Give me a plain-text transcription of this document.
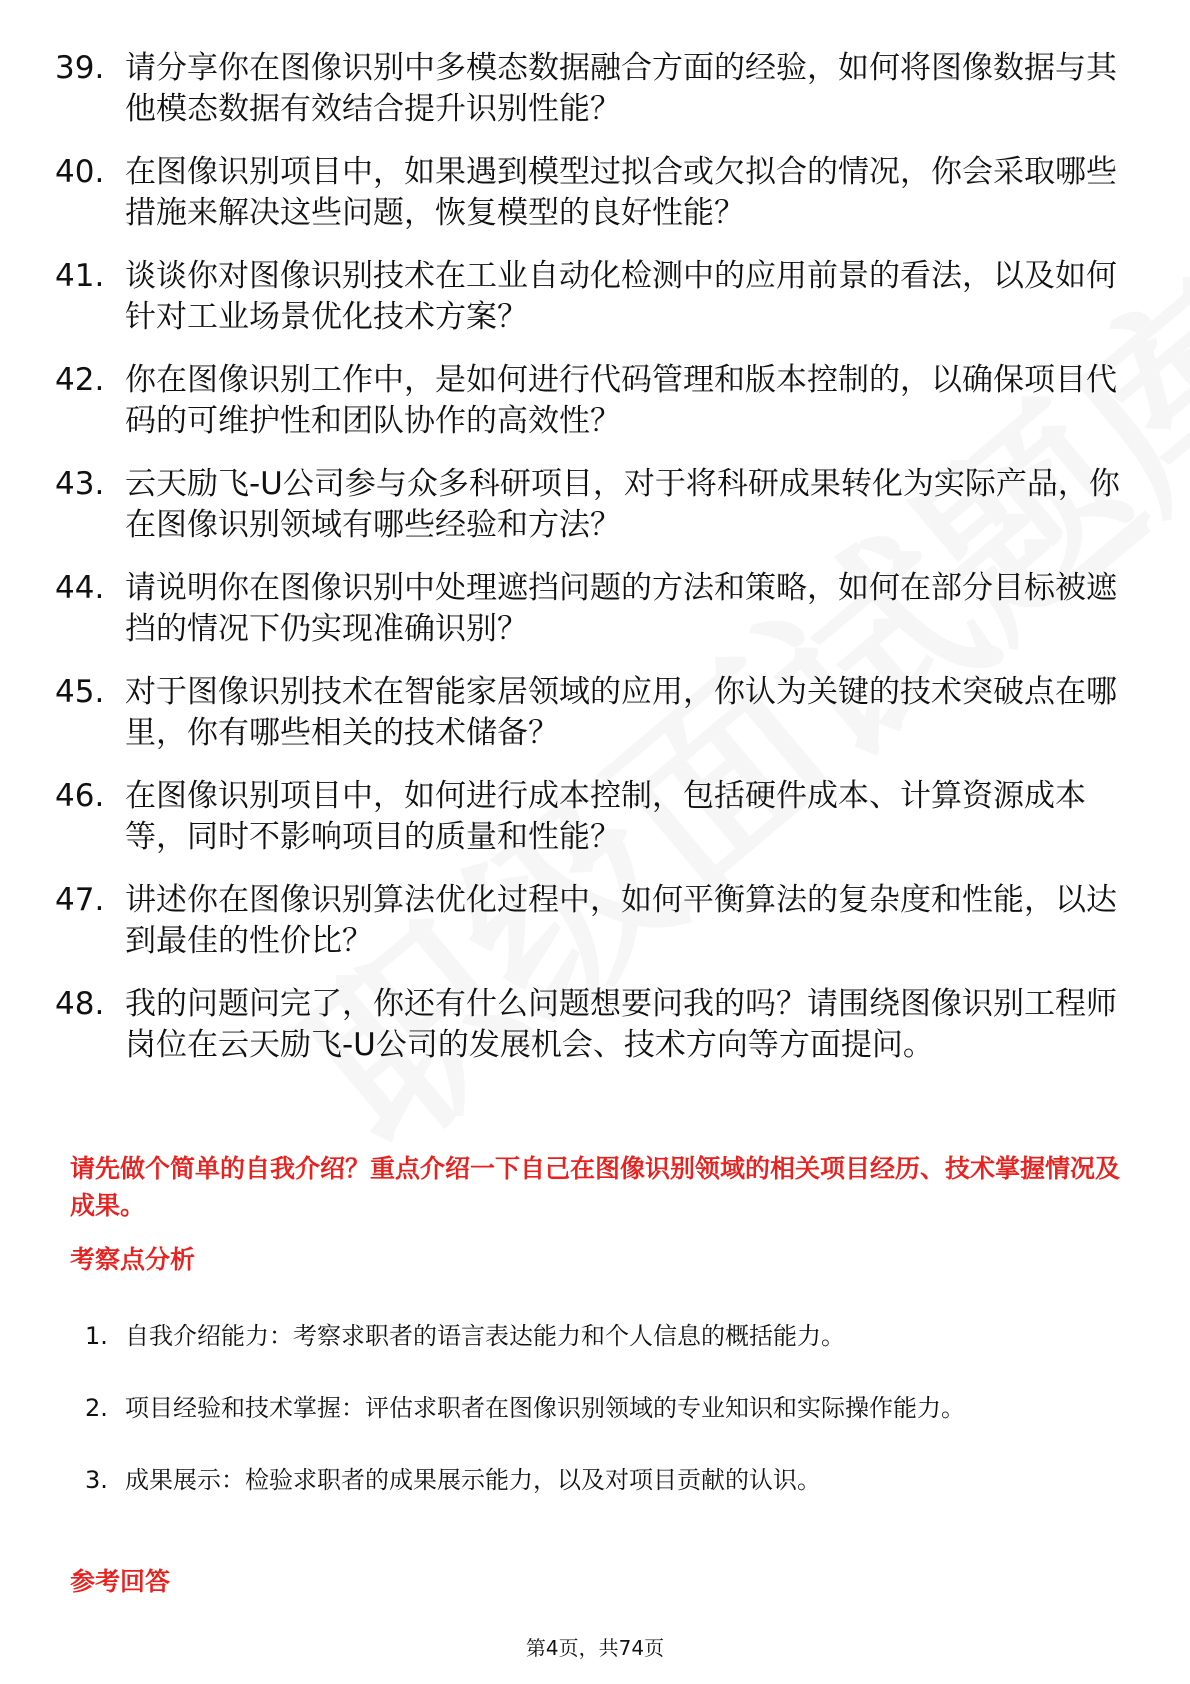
39. 请分享你在图像识别中多模态数据融合方面的经验，如何将图像数据与其他模态数据有效结合提升识别性能？
40. 在图像识别项目中，如果遇到模型过拟合或欠拟合的情况，你会采取哪些措施来解决这些问题，恢复模型的良好性能？
41. 谈谈你对图像识别技术在工业自动化检测中的应用前景的看法，以及如何针对工业场景优化技术方案？
42. 你在图像识别工作中，是如何进行代码管理和版本控制的，以确保项目代码的可维护性和团队协作的高效性？
43. 云天励飞-U公司参与众多科研项目，对于将科研成果转化为实际产品，你在图像识别领域有哪些经验和方法？
44. 请说明你在图像识别中处理遮挡问题的方法和策略，如何在部分目标被遮挡的情况下仍实现准确识别？
45. 对于图像识别技术在智能家居领域的应用，你认为关键的技术突破点在哪里，你有哪些相关的技术储备？
46. 在图像识别项目中，如何进行成本控制，包括硬件成本、计算资源成本等，同时不影响项目的质量和性能？
47. 讲述你在图像识别算法优化过程中，如何平衡算法的复杂度和性能，以达到最佳的性价比？
48. 我的问题问完了，你还有什么问题想要问我的吗？请围绕图像识别工程师岗位在云天励飞-U公司的发展机会、技术方向等方面提问。

请先做个简单的自我介绍？重点介绍一下自己在图像识别领域的相关项目经历、技术掌握情况及成果。

考察点分析
1. 自我介绍能力：考察求职者的语言表达能力和个人信息的概括能力。
2. 项目经验和技术掌握：评估求职者在图像识别领域的专业知识和实际操作能力。
3. 成果展示：检验求职者的成果展示能力，以及对项目贡献的认识。
参考回答
第4页，共74页
